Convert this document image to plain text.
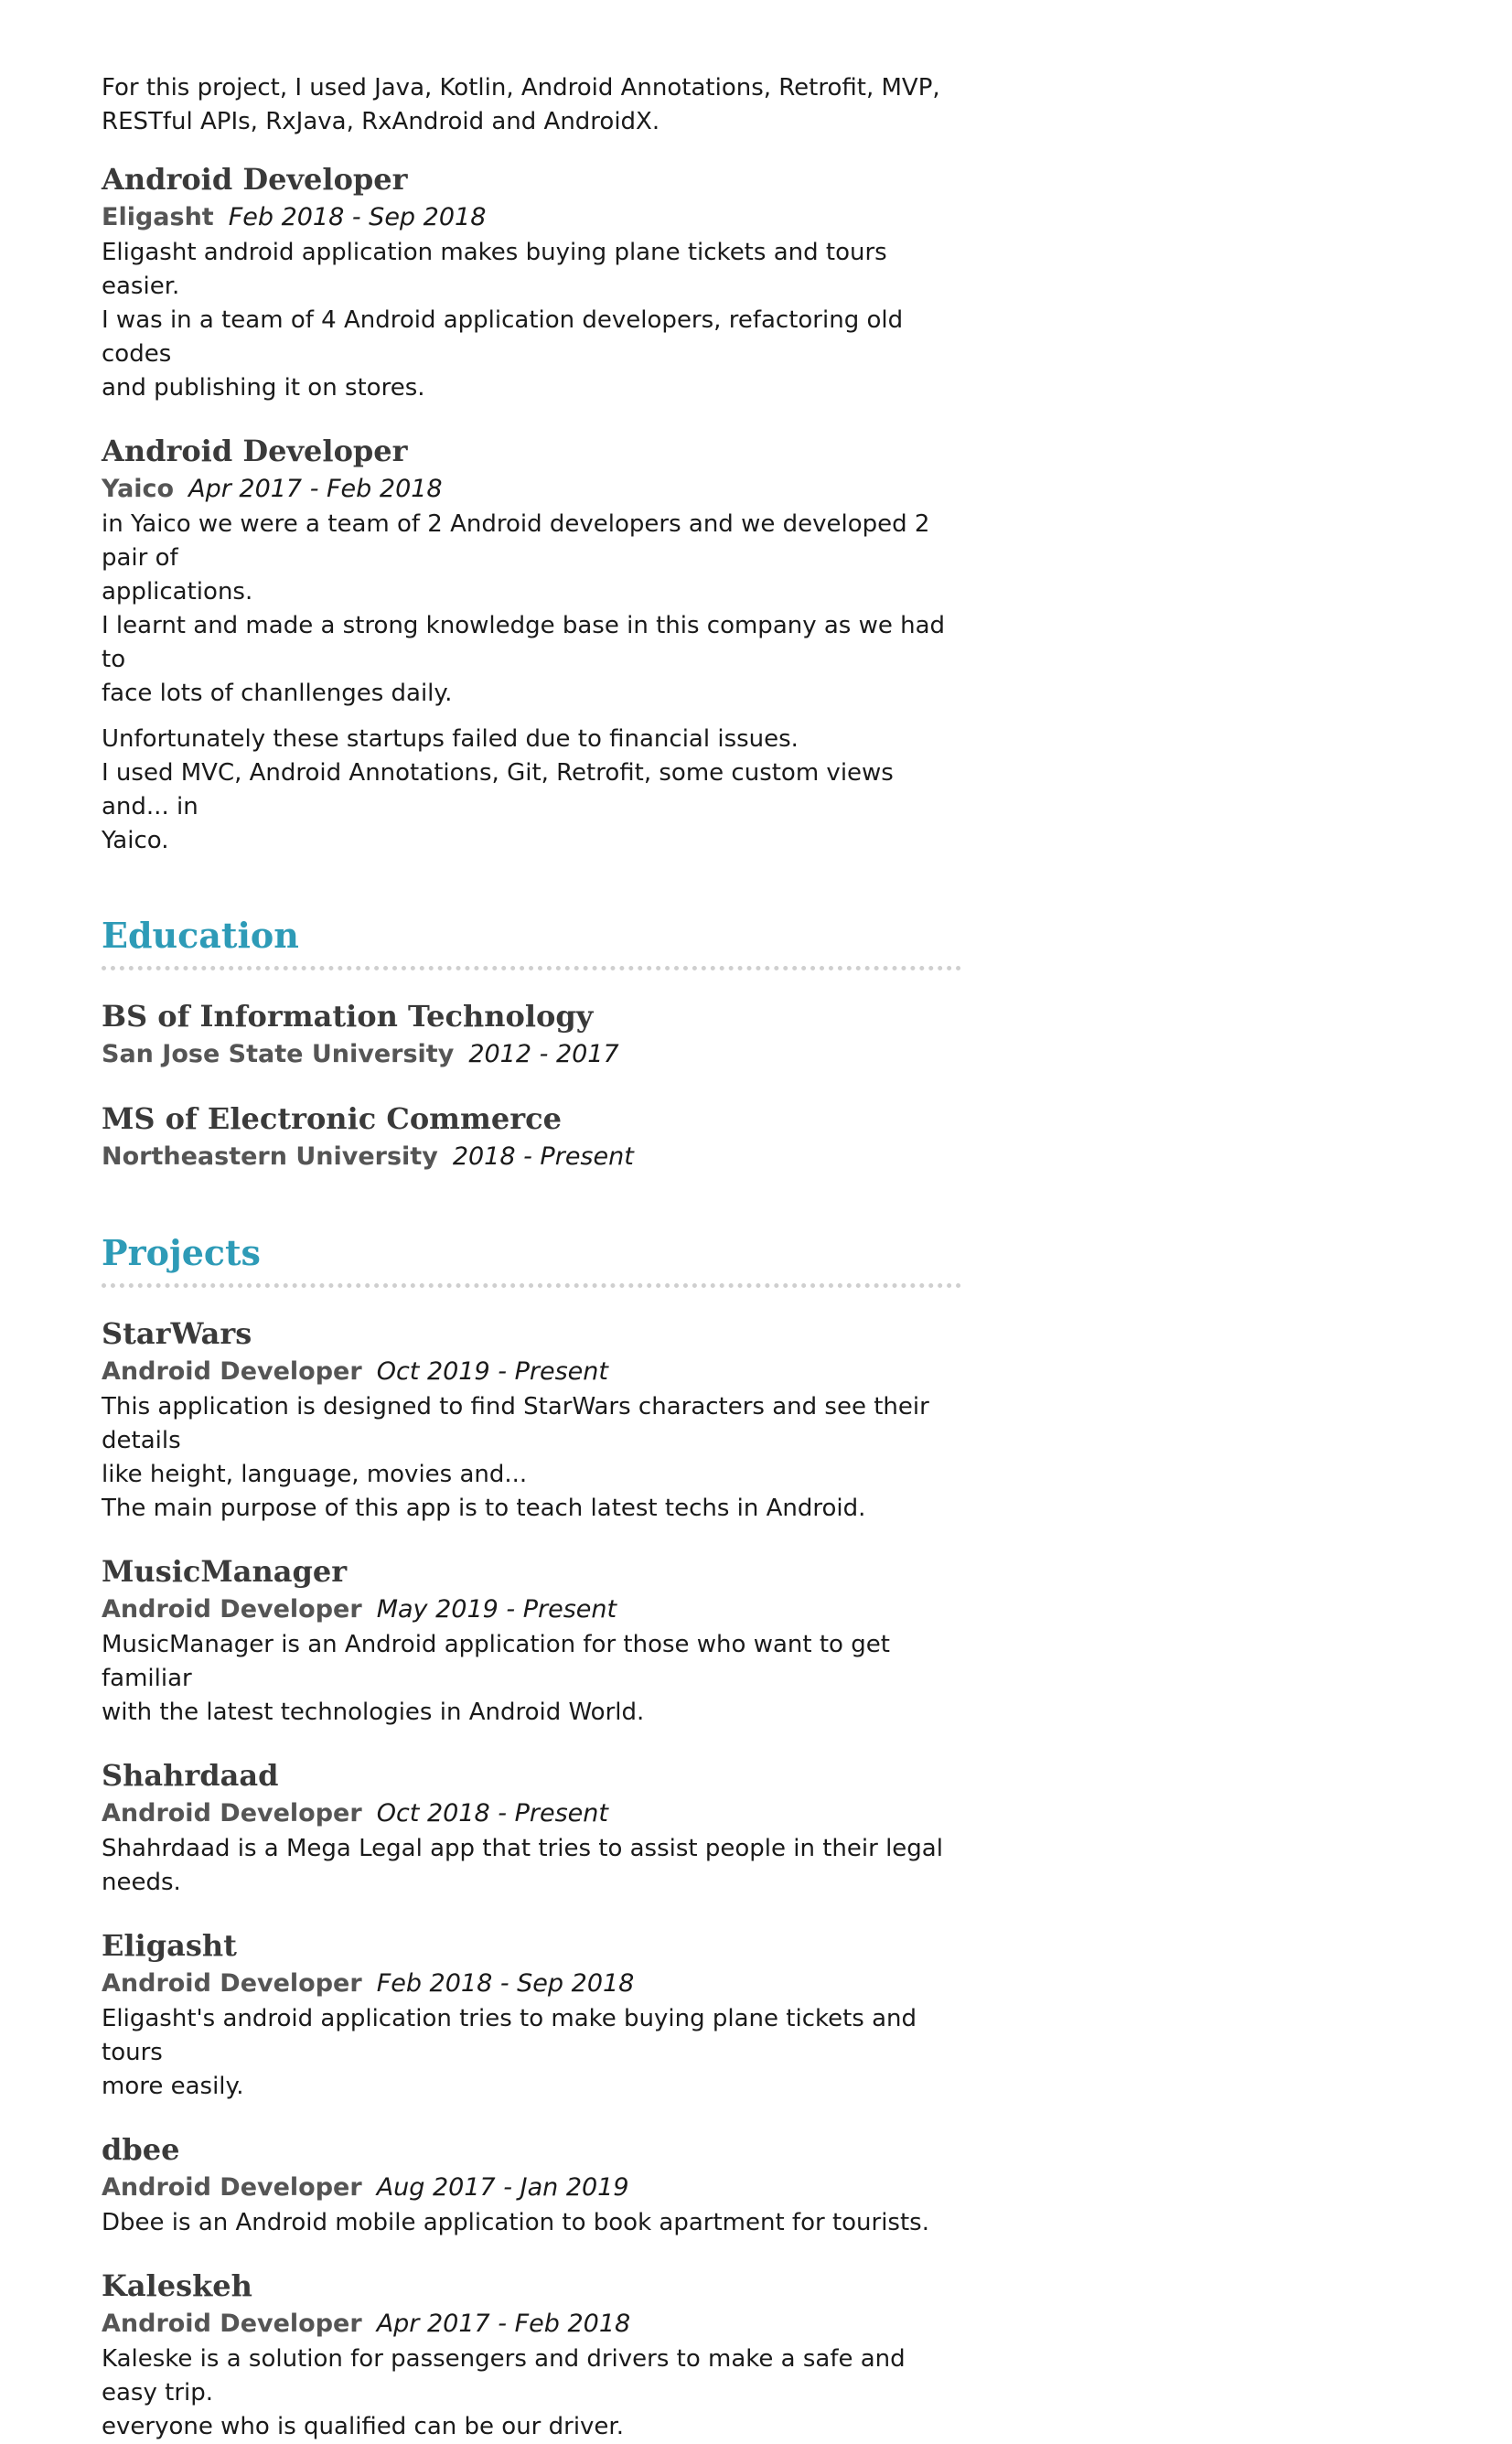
For this project, I used Java, Kotlin, Android Annotations, Retrofit, MVP,
RESTful APIs, RxJava, RxAndroid and AndroidX.

Android Developer

Eligasht Feb 2018 - Sep 2018

Eligasht android application makes buying plane tickets and tours easier.
I was in a team of 4 Android application developers, refactoring old codes
and publishing it on stores.

Android Developer

Yaico Apr 2017 - Feb 2018

in Yaico we were a team of 2 Android developers and we developed 2 pair of
applications.
I learnt and made a strong knowledge base in this company as we had to
face lots of chanllenges daily.

Unfortunately these startups failed due to financial issues.
I used MVC, Android Annotations, Git, Retrofit, some custom views and... in
Yaico.

Education
BS of Information Technology

San Jose State University 2012 - 2017

MS of Electronic Commerce

Northeastern University 2018 - Present

Projects
StarWars

Android Developer Oct 2019 - Present

This application is designed to find StarWars characters and see their details
like height, language, movies and...
The main purpose of this app is to teach latest techs in Android.

MusicManager

Android Developer May 2019 - Present

MusicManager is an Android application for those who want to get familiar
with the latest technologies in Android World.

Shahrdaad

Android Developer Oct 2018 - Present

Shahrdaad is a Mega Legal app that tries to assist people in their legal needs.

Eligasht

Android Developer Feb 2018 - Sep 2018

Eligasht's android application tries to make buying plane tickets and tours
more easily.

dbee

Android Developer Aug 2017 - Jan 2019

Dbee is an Android mobile application to book apartment for tourists.

Kaleskeh

Android Developer Apr 2017 - Feb 2018

Kaleske is a solution for passengers and drivers to make a safe and easy trip.
everyone who is qualified can be our driver.
